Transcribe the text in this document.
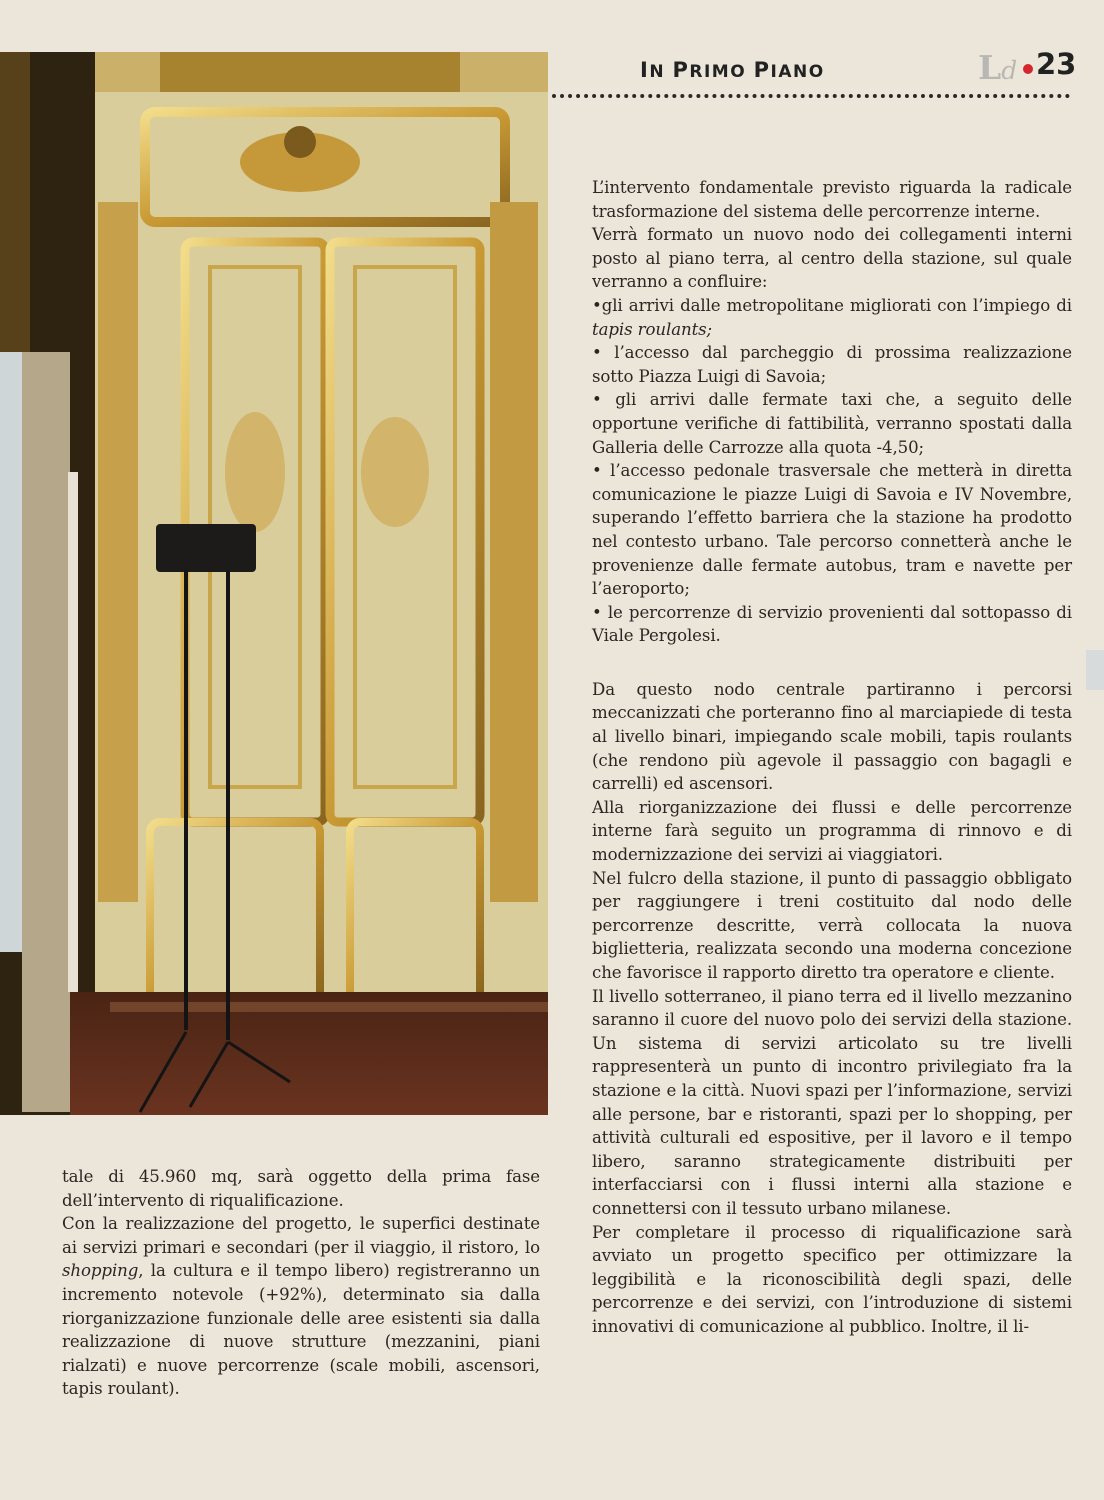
IN PRIMO PIANO	Ld 23

L’intervento fondamentale previsto riguarda la radicale trasformazione del sistema delle percorrenze interne.

Verrà formato un nuovo nodo dei collegamenti interni posto al piano terra, al centro della stazione, sul quale verranno a confluire:

•gli arrivi dalle metropolitane migliorati con l’impiego di tapis roulants;
• l’accesso dal parcheggio di prossima realizzazione sotto Piazza Luigi di Savoia;
• gli arrivi dalle fermate taxi che, a seguito delle opportune verifiche di fattibilità, verranno spostati dalla Galleria delle Carrozze alla quota -4,50;
• l’accesso pedonale trasversale che metterà in diretta comunicazione le piazze Luigi di Savoia e IV Novembre, superando l’effetto barriera che la stazione ha prodotto nel contesto urbano. Tale percorso connetterà anche le provenienze dalle fermate autobus, tram e navette per l’aeroporto;
• le percorrenze di servizio provenienti dal sottopasso di Viale Pergolesi.

Da questo nodo centrale partiranno i percorsi meccanizzati che porteranno fino al marciapiede di testa al livello binari, impiegando scale mobili, tapis roulants (che rendono più agevole il passaggio con bagagli e carrelli) ed ascensori.

Alla riorganizzazione dei flussi e delle percorrenze interne farà seguito un programma di rinnovo e di modernizzazione dei servizi ai viaggiatori.

Nel fulcro della stazione, il punto di passaggio obbligato per raggiungere i treni costituito dal nodo delle percorrenze descritte, verrà collocata la nuova biglietteria, realizzata secondo una moderna concezione che favorisce il rapporto diretto tra operatore e cliente.

Il livello sotterraneo, il piano terra ed il livello mezzanino saranno il cuore del nuovo polo dei servizi della stazione. Un sistema di servizi articolato su tre livelli rappresenterà un punto di incontro privilegiato fra la stazione e la città. Nuovi spazi per l’informazione, servizi alle persone, bar e ristoranti, spazi per lo shopping, per attività culturali ed espositive, per il lavoro e il tempo libero, saranno strategicamente distribuiti per interfacciarsi con i flussi interni alla stazione e connettersi con il tessuto urbano milanese.

Per completare il processo di riqualificazione sarà avviato un progetto specifico per ottimizzare la leggibilità e la riconoscibilità degli spazi, delle percorrenze e dei servizi, con l’introduzione di sistemi innovativi di comunicazione al pubblico. Inoltre, il li-

tale di 45.960 mq, sarà oggetto della prima fase dell’intervento di riqualificazione.

Con la realizzazione del progetto, le superfici destinate ai servizi primari e secondari (per il viaggio, il ristoro, lo shopping, la cultura e il tempo libero) registreranno un incremento notevole (+92%), determinato sia dalla riorganizzazione funzionale delle aree esistenti sia dalla realizzazione di nuove strutture (mezzanini, piani rialzati) e nuove percorrenze (scale mobili, ascensori, tapis roulant).
